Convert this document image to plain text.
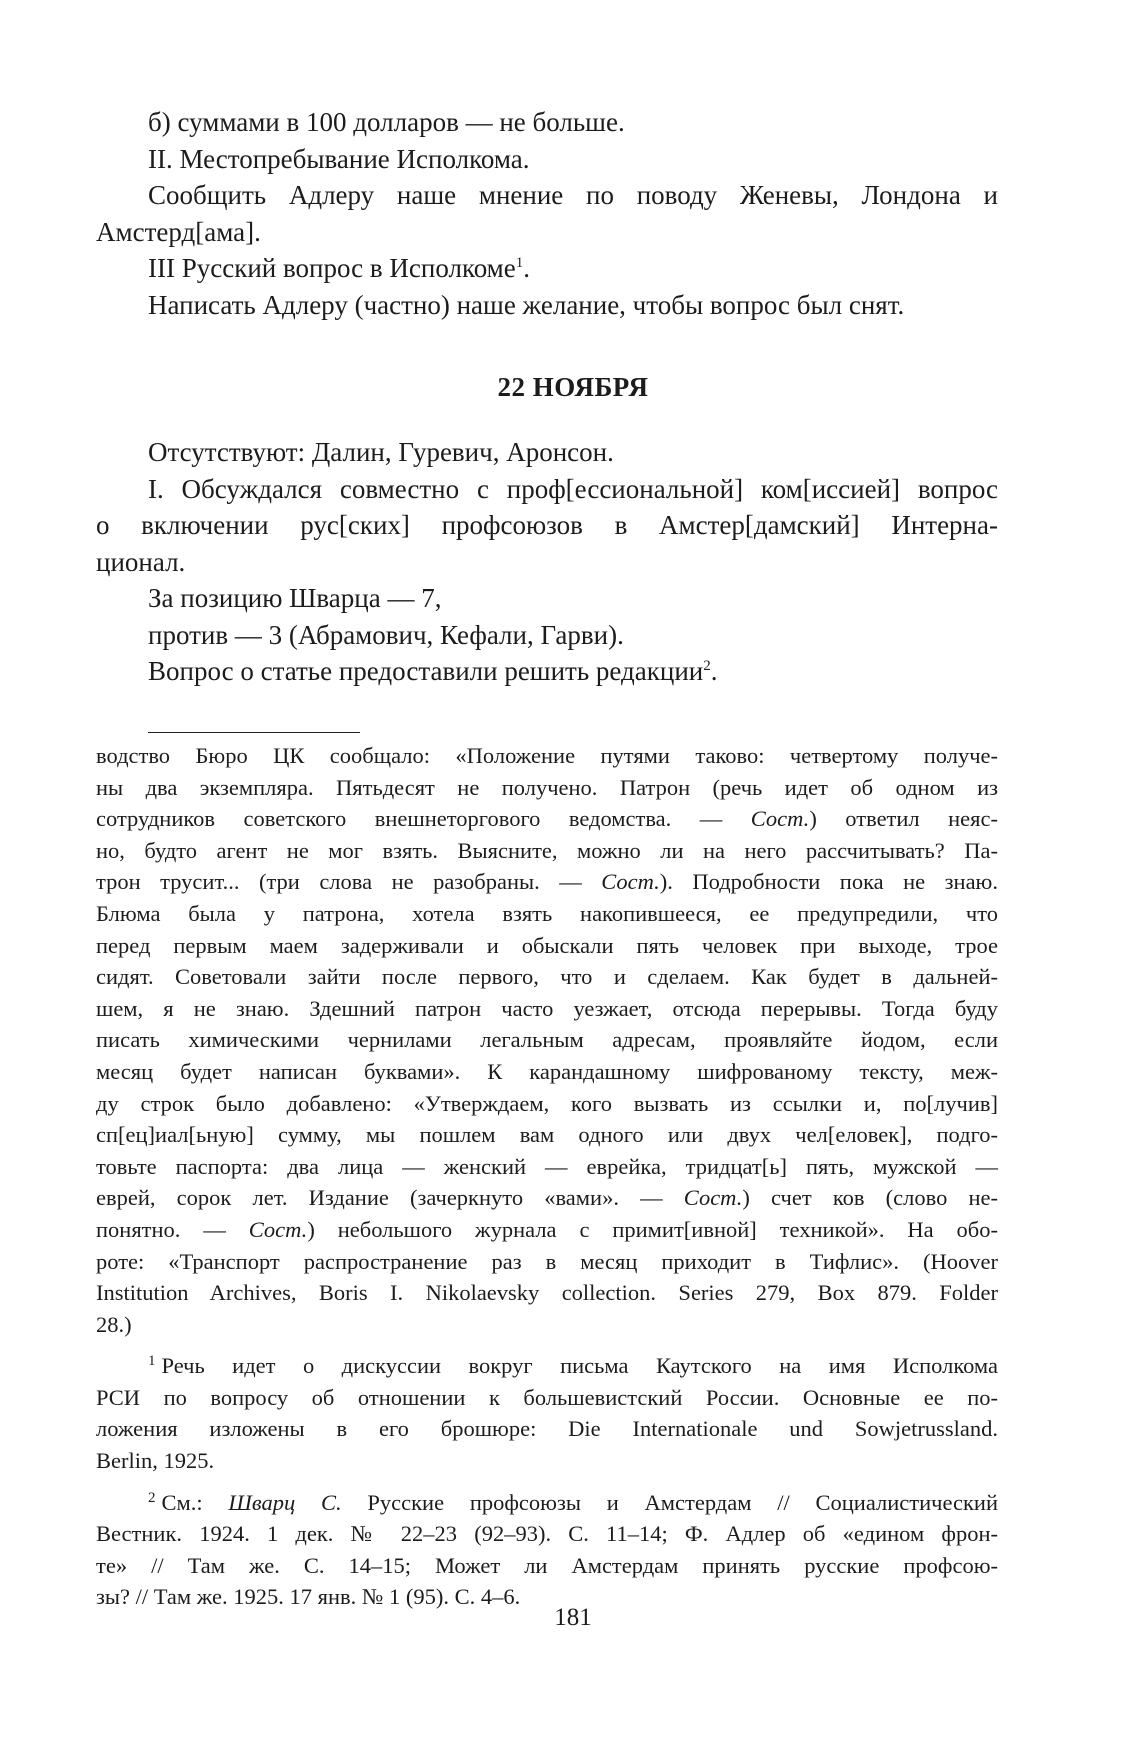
б) суммами в 100 долларов — не больше.
II. Местопребывание Исполкома.
Сообщить Адлеру наше мнение по поводу Женевы, Лондона и
Амстерд[ама].
III Русский вопрос в Исполкоме$^1$.
Написать Адлеру (частно) наше желание, чтобы вопрос был снят.
22 НОЯБРЯ
Отсутствуют: Далин, Гуревич, Аронсон.
I. Обсуждался совместно с проф[ессиональной] ком[иссией] вопрос
о включении рус[ских] профсоюзов в Амстер[дамский] Интерна-
ционал.
За позицию Шварца — 7,
против — 3 (Абрамович, Кефали, Гарви).
Вопрос о статье предоставили решить редакции$^2$.
водство Бюро ЦК сообщало: «Положение путями таково: четвертому получе-
ны два экземпляра. Пятьдесят не получено. Патрон (речь идет об одном из
сотрудников советского внешнеторгового ведомства. — Сост.) ответил неяс-
но, будто агент не мог взять. Выясните, можно ли на него рассчитывать? Па-
трон трусит... (три слова не разобраны. — Сост.). Подробности пока не знаю.
Блюма была у патрона, хотела взять накопившееся, ее предупредили, что
перед первым маем задерживали и обыскали пять человек при выходе, трое
сидят. Советовали зайти после первого, что и сделаем. Как будет в дальней-
шем, я не знаю. Здешний патрон часто уезжает, отсюда перерывы. Тогда буду
писать химическими чернилами легальным адресам, проявляйте йодом, если
месяц будет написан буквами». К карандашному шифрованому тексту, меж-
ду строк было добавлено: «Утверждаем, кого вызвать из ссылки и, по[лучив]
сп[ец]иал[ьную] сумму, мы пошлем вам одного или двух чел[еловек], подго-
товьте паспорта: два лица — женский — еврейка, тридцат[ь] пять, мужской —
еврей, сорок лет. Издание (зачеркнуто «вами». — Сост.) счет ков (слово не-
понятно. — Сост.) небольшого журнала с примит[ивной] техникой». На обо-
роте: «Транспорт распространение раз в месяц приходит в Тифлис». (Hoover
Institution Archives, Boris I. Nikolaevsky collection. Series 279, Box 879. Folder
28.)
$^1$ Речь идет о дискуссии вокруг письма Каутского на имя Исполкома
РСИ по вопросу об отношении к большевистский России. Основные ее по-
ложения изложены в его брошюре: Die Internationale und Sowjetrussland.
Berlin, 1925.
$^2$ См.: Шварц С. Русские профсоюзы и Амстердам // Социалистический
Вестник. 1924. 1 дек. № 22–23 (92–93). С. 11–14; Ф. Адлер об «едином фрон-
те» // Там же. С. 14–15; Может ли Амстердам принять русские профсою-
зы? // Там же. 1925. 17 янв. № 1 (95). С. 4–6.
181
